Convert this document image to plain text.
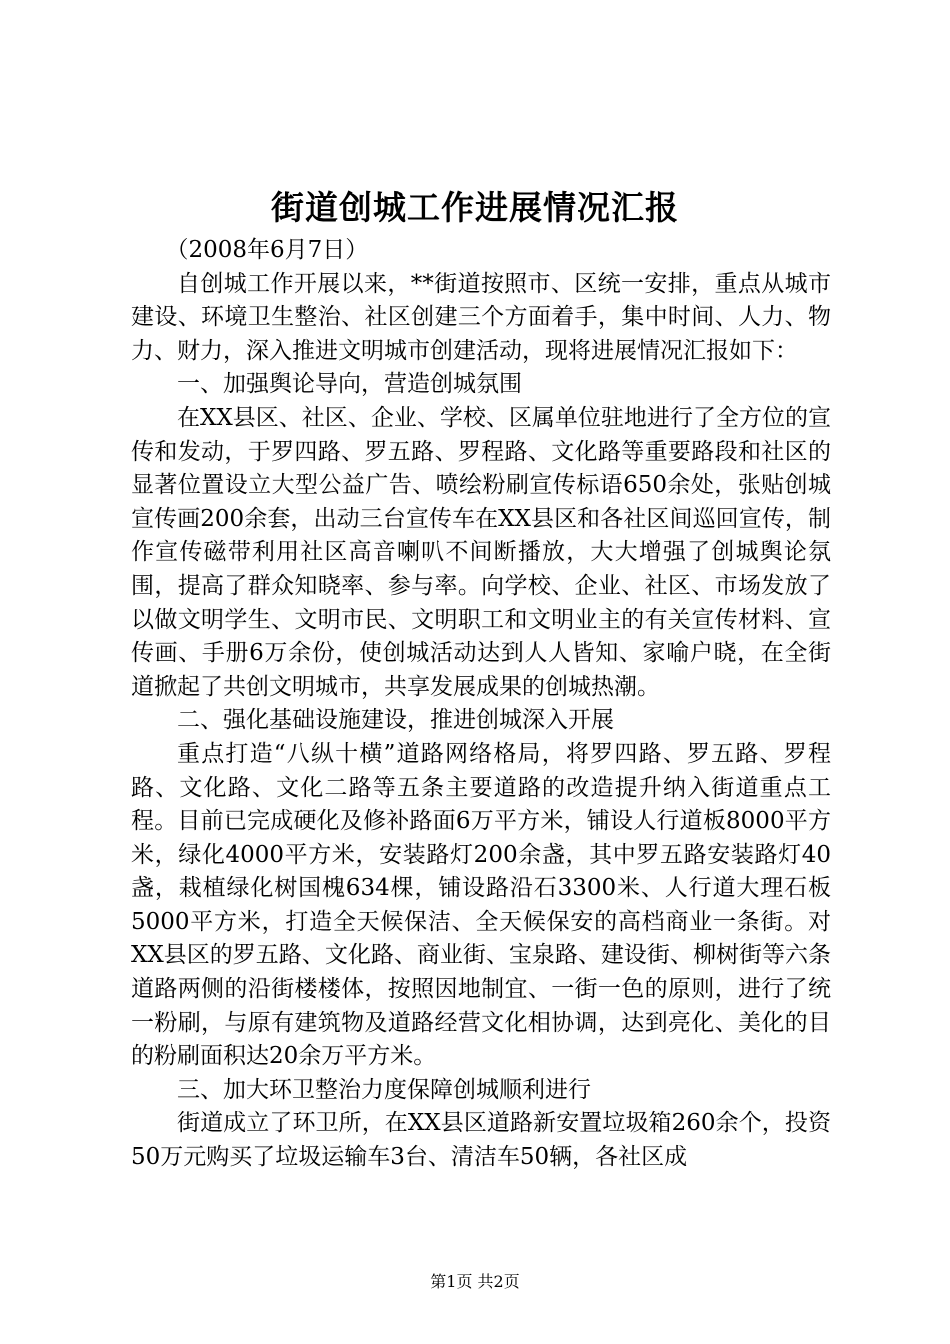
街道创城工作进展情况汇报

（2008年6月7日）

自创城工作开展以来，**街道按照市、区统一安排，重点从城市建设、环境卫生整治、社区创建三个方面着手，集中时间、人力、物力、财力，深入推进文明城市创建活动，现将进展情况汇报如下：

一、加强舆论导向，营造创城氛围

在XX县区、社区、企业、学校、区属单位驻地进行了全方位的宣传和发动，于罗四路、罗五路、罗程路、文化路等重要路段和社区的显著位置设立大型公益广告、喷绘粉刷宣传标语650余处，张贴创城宣传画200余套，出动三台宣传车在XX县区和各社区间巡回宣传，制作宣传磁带利用社区高音喇叭不间断播放，大大增强了创城舆论氛围，提高了群众知晓率、参与率。向学校、企业、社区、市场发放了以做文明学生、文明市民、文明职工和文明业主的有关宣传材料、宣传画、手册6万余份，使创城活动达到人人皆知、家喻户晓，在全街道掀起了共创文明城市，共享发展成果的创城热潮。

二、强化基础设施建设，推进创城深入开展

重点打造“八纵十横”道路网络格局，将罗四路、罗五路、罗程路、文化路、文化二路等五条主要道路的改造提升纳入街道重点工程。目前已完成硬化及修补路面6万平方米，铺设人行道板8000平方米，绿化4000平方米，安装路灯200余盏，其中罗五路安装路灯40盏，栽植绿化树国槐634棵，铺设路沿石3300米、人行道大理石板5000平方米，打造全天候保洁、全天候保安的高档商业一条街。对XX县区的罗五路、文化路、商业街、宝泉路、建设街、柳树街等六条道路两侧的沿街楼楼体，按照因地制宜、一街一色的原则，进行了统一粉刷，与原有建筑物及道路经营文化相协调，达到亮化、美化的目的粉刷面积达20余万平方米。

三、加大环卫整治力度保障创城顺利进行

街道成立了环卫所，在XX县区道路新安置垃圾箱260余个，投资50万元购买了垃圾运输车3台、清洁车50辆，各社区成

第1页 共2页
